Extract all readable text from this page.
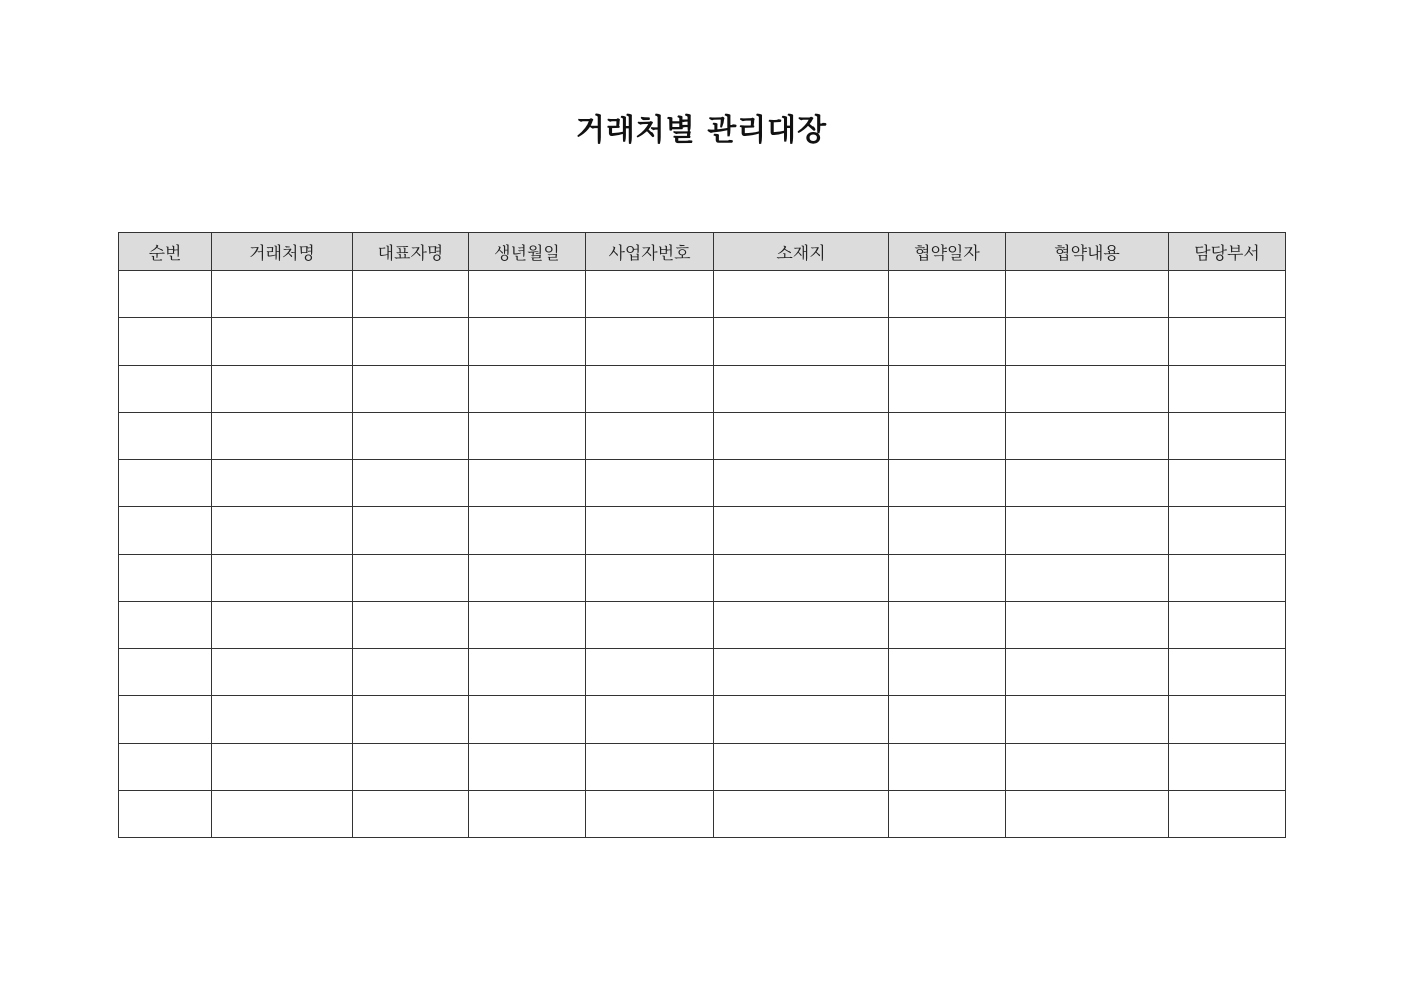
거래처별 관리대장
순번	거래처명	대표자명	생년월일	사업자번호	소재지	협약일자	협약내용	담당부서
